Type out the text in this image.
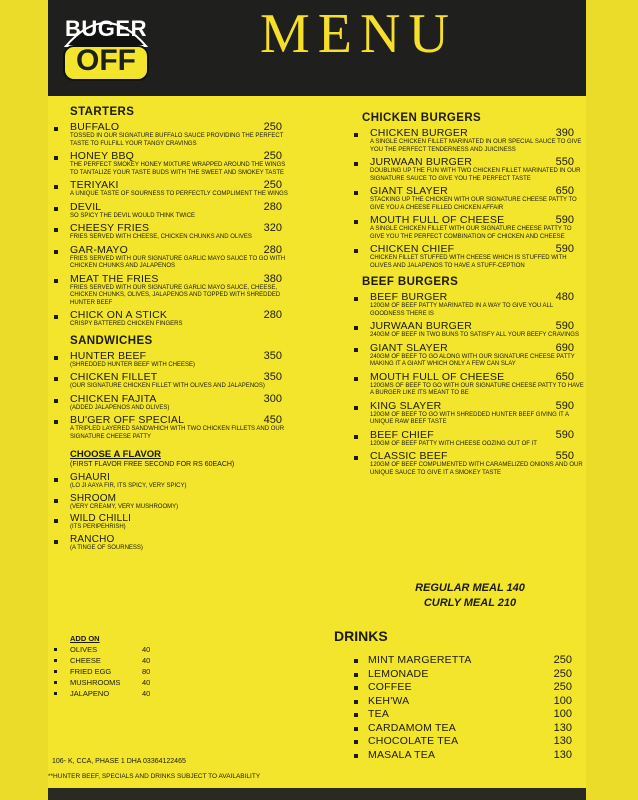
BUGER
OFF	MENU
STARTERS
BUFFALO	250
TOSSED IN OUR SIGNATURE BUFFALO SAUCE PROVIDING THE PERFECT TASTE TO FULFILL YOUR TANGY CRAVINGS
HONEY BBQ	250
THE PERFECT SMOKEY HONEY MIXTURE WRAPPED AROUND THE WINGS TO TANTALIZE YOUR TASTE BUDS WITH THE SWEET AND SMOKEY TASTE
TERIYAKI	250
A UNIQUE TASTE OF SOURNESS TO PERFECTLY COMPLIMENT THE WINGS
DEVIL	280
SO SPICY THE DEVIL WOULD THINK TWICE
CHEESY FRIES	320
FRIES SERVED WITH CHEESE, CHICKEN CHUNKS AND OLIVES
GAR-MAYO	280
FRIES SERVED WITH OUR SIGNATURE GARLIC MAYO SAUCE TO GO WITH CHICKEN CHUNKS AND JALAPENOS
MEAT THE FRIES	380
FRIES SERVED WITH OUR SIGNATURE GARLIC MAYO SAUCE, CHEESE, CHICKEN CHUNKS, OLIVES, JALAPENOS AND TOPPED WITH SHREDDED HUNTER BEEF
CHICK ON A STICK	280
CRISPY BATTERED CHICKEN FINGERS
SANDWICHES
HUNTER BEEF	350
(SHREDDED HUNTER BEEF WITH CHEESE)
CHICKEN FILLET	350
(OUR SIGNATURE CHICKEN FILLET WITH OLIVES AND JALAPENOS)
CHICKEN FAJITA	300
(ADDED JALAPENOS AND OLIVES)
BU'GER OFF SPECIAL	450
A TRIPLED LAYERED SANDWHICH WITH TWO CHICKEN FILLETS AND OUR SIGNATURE CHEESE PATTY
CHOOSE A FLAVOR
(FIRST FLAVOR FREE SECOND FOR RS 60EACH)
GHAURI
(LO JI AAYA FIR, ITS SPICY, VERY SPICY)
SHROOM
(VERY CREAMY, VERY MUSHROOMY)
WILD CHILLI
(ITS PERIPEHRISH)
RANCHO
(A TINGE OF SOURNESS)
ADD ON
OLIVES	40
CHEESE	40
FRIED EGG	80
MUSHROOMS	40
JALAPENO	40
CHICKEN BURGERS
CHICKEN BURGER	390
A SINGLE CHICKEN FILLET MARINATED IN OUR SPECIAL SAUCE TO GIVE YOU THE PERFECT TENDERNESS AND JUICINESS
JURWAAN BURGER	550
DOUBLING UP THE FUN WITH TWO CHICKEN FILLET MARINATED IN OUR SIGNATURE SAUCE TO GIVE YOU THE PERFECT TASTE
GIANT SLAYER	650
STACKING UP THE CHICKEN WITH OUR SIGNATURE CHEESE PATTY TO GIVE YOU A CHEESE FILLED CHICKEN AFFAIR
MOUTH FULL OF CHEESE	590
A SINGLE CHICKEN FILLET WITH OUR SIGNATURE CHEESE PATTY TO GIVE YOU THE PERFECT COMBINATION OF CHICKEN AND CHEESE
CHICKEN CHIEF	590
CHICKEN FILLET STUFFED WITH CHEESE WHICH IS STUFFED WITH OLIVES AND JALAPENOS TO HAVE A STUFF-CEPTION
BEEF BURGERS
BEEF BURGER	480
120GM OF BEEF PATTY MARINATED IN A WAY TO GIVE YOU ALL GOODNESS THERE IS
JURWAAN BURGER	590
240GM OF BEEF IN TWO BUNS TO SATISFY ALL YOUR BEEFY CRAVINGS
GIANT SLAYER	690
240GM OF BEEF TO GO ALONG WITH OUR SIGNATURE CHEESE PATTY MAKING IT A GIANT WHICH ONLY A FEW CAN SLAY
MOUTH FULL OF CHEESE	650
120GMS OF BEEF TO GO WITH OUR SIGNATURE CHEESE PATTY TO HAVE A BURGER LIKE ITS MEANT TO BE
KING SLAYER	590
120GM OF BEEF TO GO WITH SHREDDED HUNTER BEEF GIVING IT A UNIQUE RAW BEEF TASTE
BEEF CHIEF	590
120GM OF BEEF PATTY WITH CHEESE OOZING OUT OF IT
CLASSIC BEEF	550
120GM OF BEEF COMPLIMENTED WITH CARAMELIZED ONIONS AND OUR UNIQUE SAUCE TO GIVE IT A SMOKEY TASTE
REGULAR MEAL 140
CURLY MEAL 210
DRINKS
MINT MARGERETTA	250
LEMONADE	250
COFFEE	250
KEH'WA	100
TEA	100
CARDAMOM TEA	130
CHOCOLATE TEA	130
MASALA TEA	130
106- K, CCA, PHASE 1 DHA 03364122465
**HUNTER BEEF, SPECIALS AND DRINKS SUBJECT TO AVAILABILITY
